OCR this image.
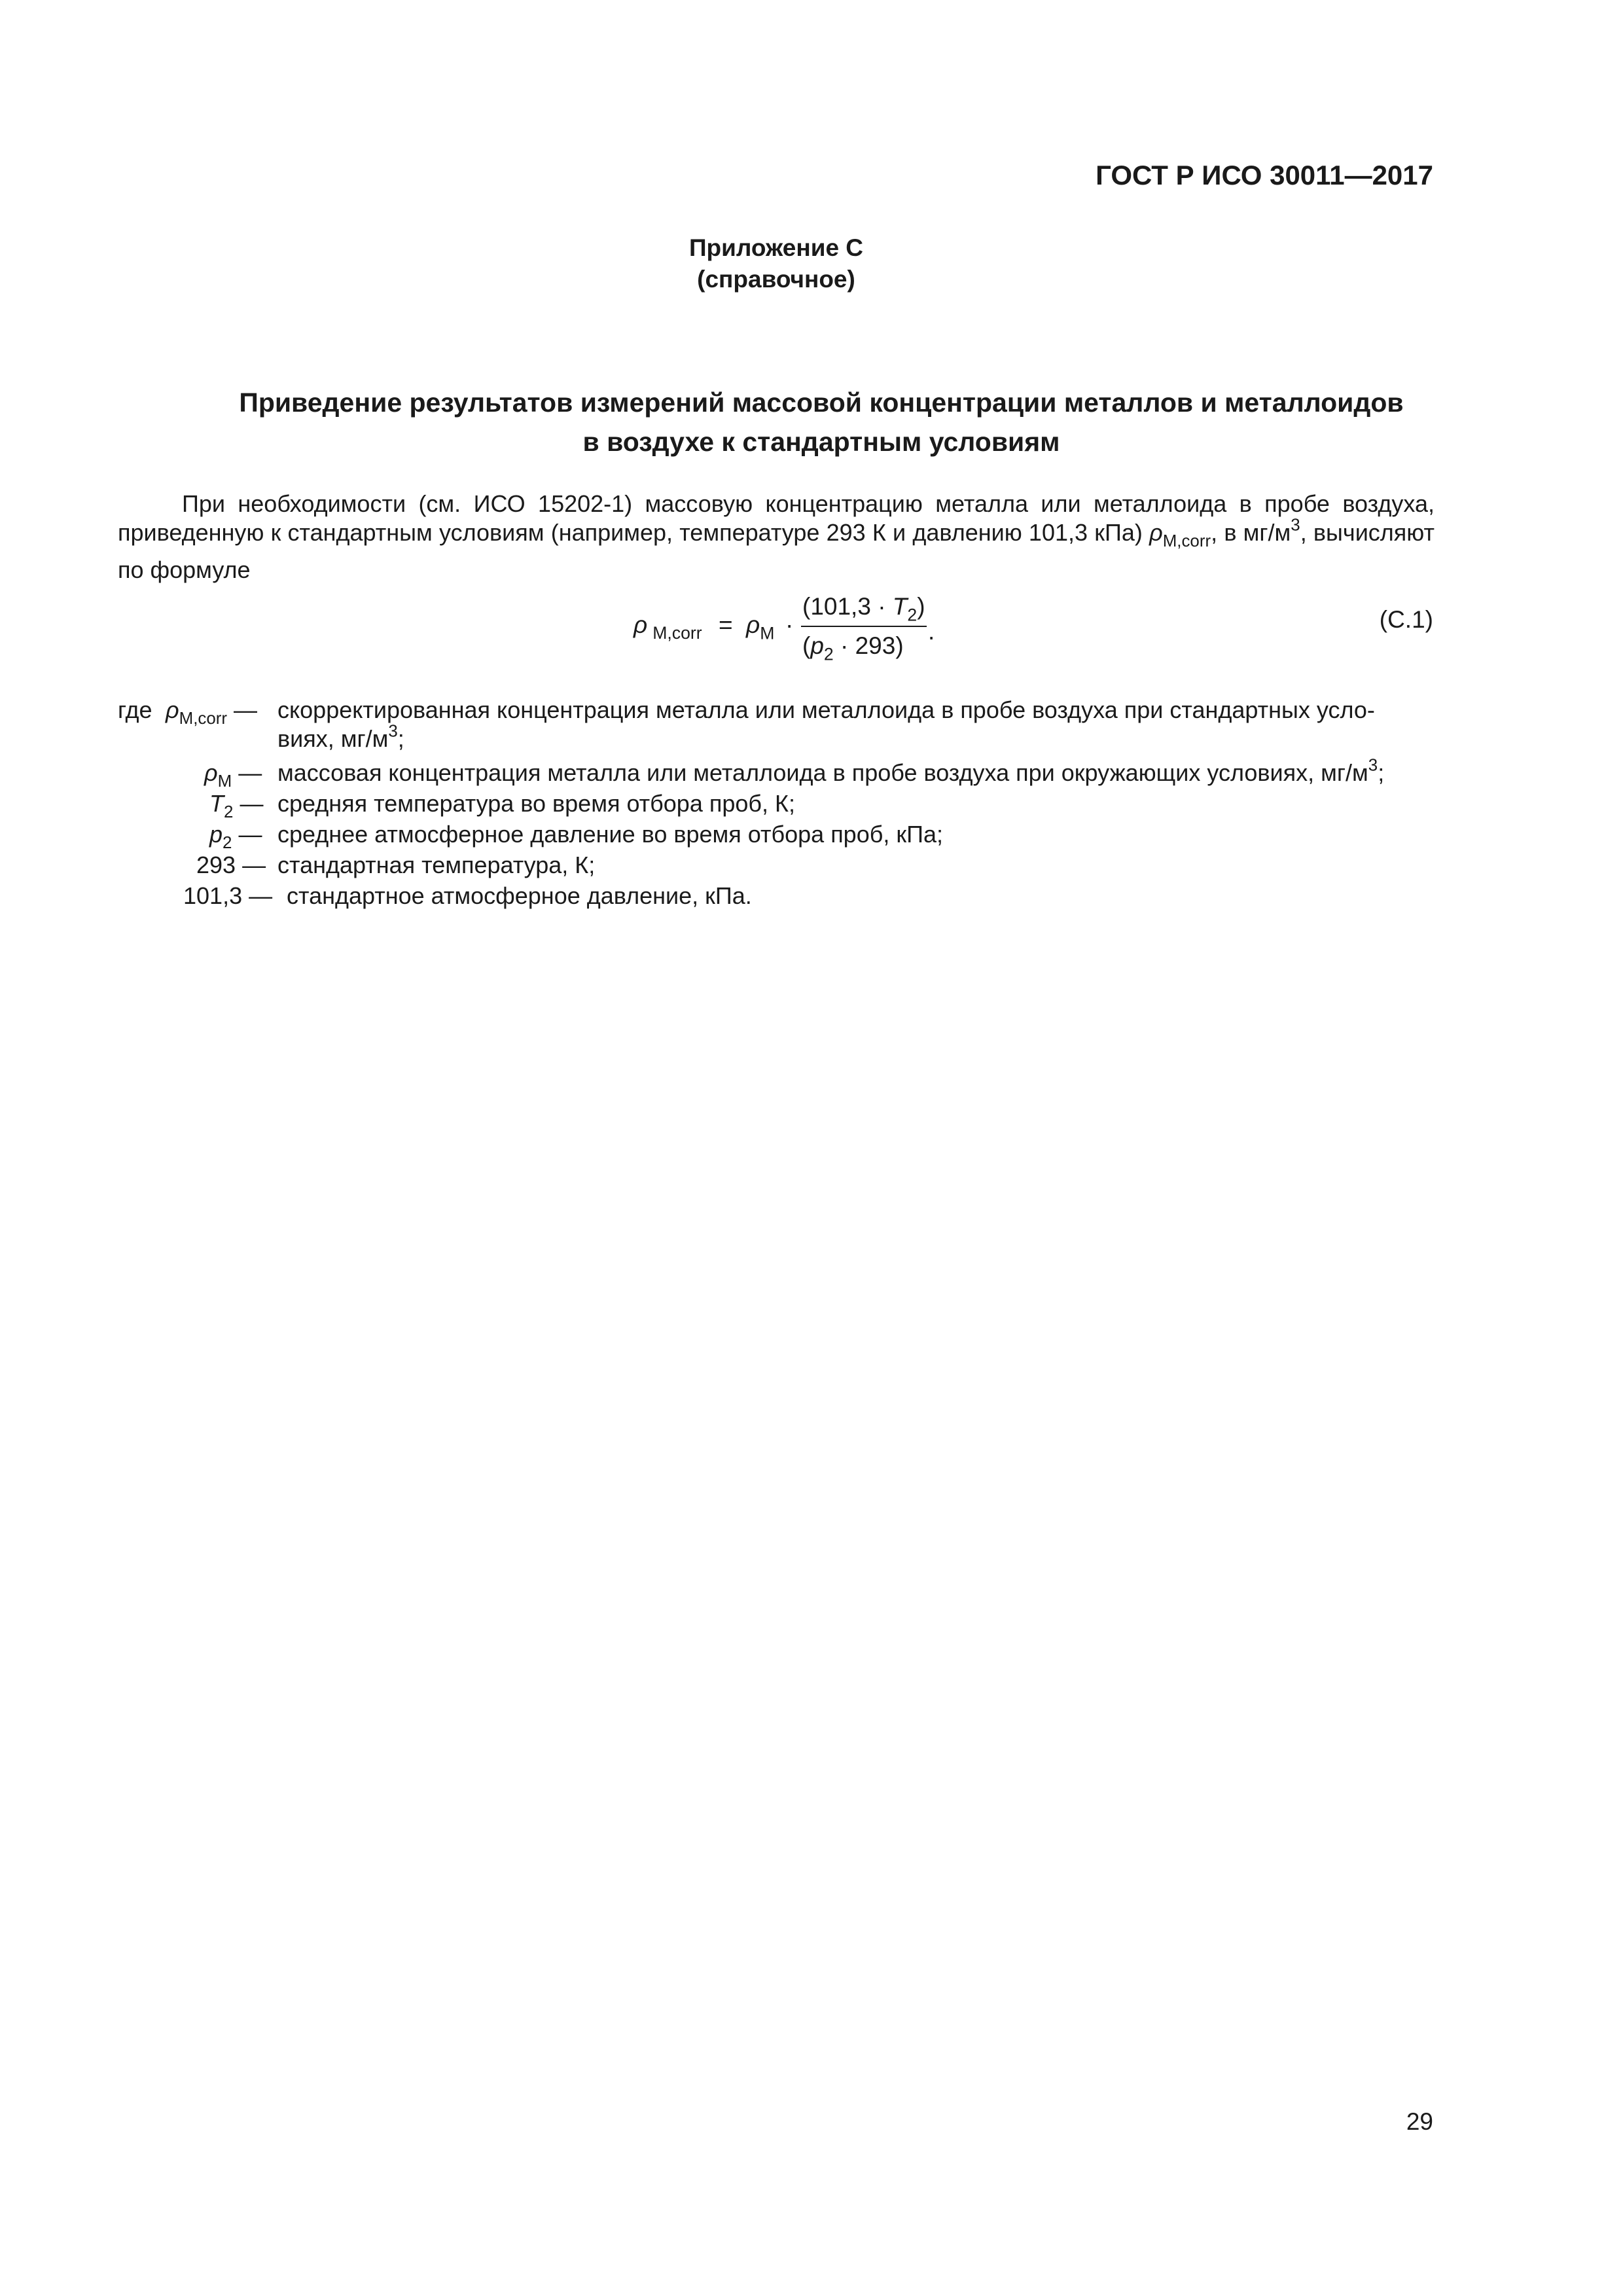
ГОСТ Р ИСО 30011—2017
Приложение С
(справочное)
Приведение результатов измерений массовой концентрации металлов и металлоидов
в воздухе к стандартным условиям
При необходимости (см. ИСО 15202-1) массовую концентрацию металла или металлоида в пробе воздуха, приведенную к стандартным условиям (например, температуре 293 К и давлению 101,3 кПа) $\rho_{M,corr}$, в $мг/м^3$, вычисляют по формуле
ρ $_{M,corr} = \rho_M$ ·
$(101,3 \cdot T_2)$
$(p_2 \cdot 293)$
.	(С.1)
где $\rho_{M,corr}$ — скорректированная концентрация металла или металлоида в пробе воздуха при стандартных усло-
виях, $мг/м^3$;
$\rho_M$ — массовая концентрация металла или металлоида в пробе воздуха при окружающих условиях, $мг/м^3$;
$T_2$ — средняя температура во время отбора проб, К;
$p_2$ — среднее атмосферное давление во время отбора проб, кПа;
293 — стандартная температура, К;
101,3 — стандартное атмосферное давление, кПа.
29
